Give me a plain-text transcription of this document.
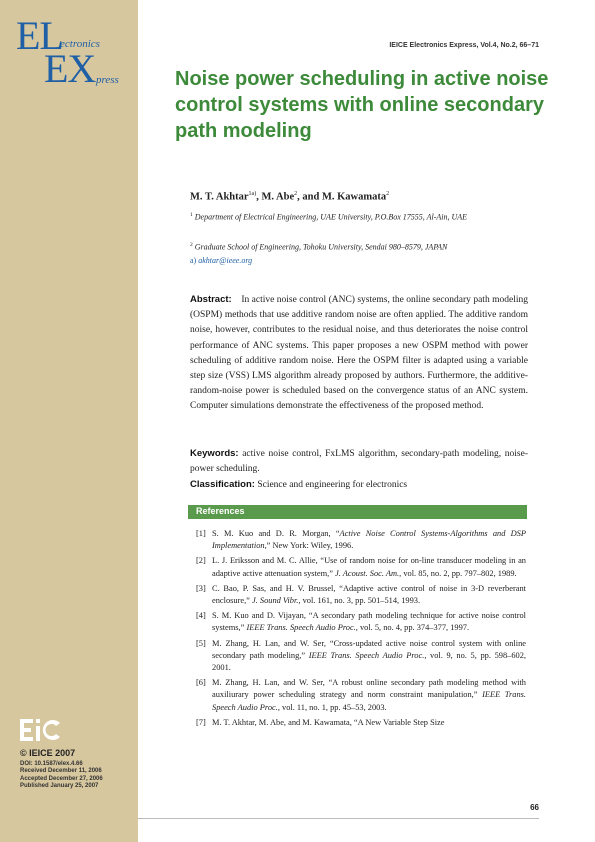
EL
ectronics
EX press
IEICE Electronics Express, Vol.4, No.2, 66–71
Noise power scheduling in active noise control systems with online secondary path modeling
M. T. Akhtar$^{1a)}$, M. Abe$^2$, and M. Kawamata$^2$
$^1$ Department of Electrical Engineering, UAE University, P.O.Box 17555, Al-Ain, UAE
$^2$ Graduate School of Engineering, Tohoku University, Sendai 980–8579, JAPAN
a) akhtar@ieee.org
Abstract: In active noise control (ANC) systems, the online secondary path modeling (OSPM) methods that use additive random noise are often applied. The additive random noise, however, contributes to the residual noise, and thus deteriorates the noise control performance of ANC systems. This paper proposes a new OSPM method with power scheduling of additive random noise. Here the OSPM filter is adapted using a variable step size (VSS) LMS algorithm already proposed by authors. Furthermore, the additive-random-noise power is scheduled based on the convergence status of an ANC system. Computer simulations demonstrate the effectiveness of the proposed method.
Keywords: active noise control, FxLMS algorithm, secondary-path modeling, noise-power scheduling.
Classification: Science and engineering for electronics
References
[1] S. M. Kuo and D. R. Morgan, “Active Noise Control Systems-Algorithms and DSP Implementation,” New York: Wiley, 1996.
[2] L. J. Eriksson and M. C. Allie, “Use of random noise for on-line transducer modeling in an adaptive active attenuation system,” J. Acoust. Soc. Am., vol. 85, no. 2, pp. 797–802, 1989.
[3] C. Bao, P. Sas, and H. V. Brussel, “Adaptive active control of noise in 3-D reverberant enclosure,” J. Sound Vibr., vol. 161, no. 3, pp. 501–514, 1993.
[4] S. M. Kuo and D. Vijayan, “A secondary path modeling technique for active noise control systems,” IEEE Trans. Speech Audio Proc., vol. 5, no. 4, pp. 374–377, 1997.
[5] M. Zhang, H. Lan, and W. Ser, “Cross-updated active noise control system with online secondary path modeling,” IEEE Trans. Speech Audio Proc., vol. 9, no. 5, pp. 598–602, 2001.
[6] M. Zhang, H. Lan, and W. Ser, “A robust online secondary path modeling method with auxiliurary power scheduling strategy and norm constraint manipulation,” IEEE Trans. Speech Audio Proc., vol. 11, no. 1, pp. 45–53, 2003.
[7] M. T. Akhtar, M. Abe, and M. Kawamata, “A New Variable Step Size
© IEICE 2007
DOI: 10.1587/elex.4.66
Received December 11, 2006
Accepted December 27, 2006
Published January 25, 2007
66
